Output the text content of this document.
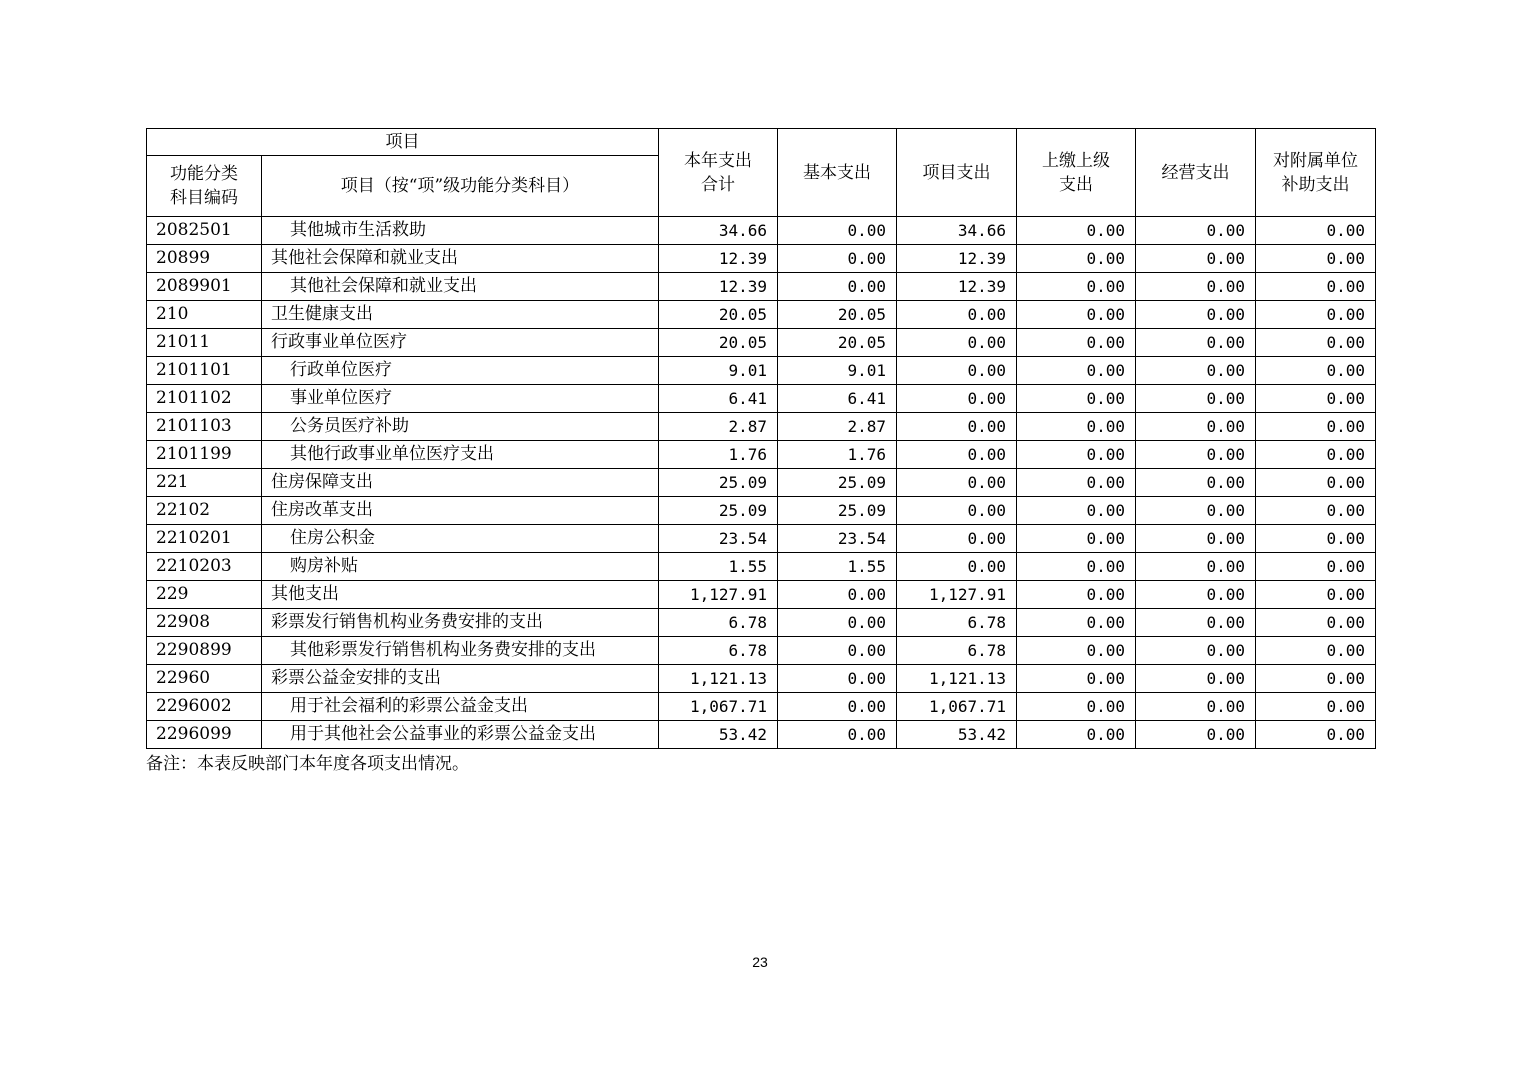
项目		本年支出合计	基本支出	项目支出	上缴上级支出	经营支出	对附属单位补助支出
功能分类科目编码	项目（按“项”级功能分类科目）						
2082501	其他城市生活救助	34.66	0.00	34.66	0.00	0.00	0.00
20899	其他社会保障和就业支出	12.39	0.00	12.39	0.00	0.00	0.00
2089901	其他社会保障和就业支出	12.39	0.00	12.39	0.00	0.00	0.00
210	卫生健康支出	20.05	20.05	0.00	0.00	0.00	0.00
21011	行政事业单位医疗	20.05	20.05	0.00	0.00	0.00	0.00
2101101	行政单位医疗	9.01	9.01	0.00	0.00	0.00	0.00
2101102	事业单位医疗	6.41	6.41	0.00	0.00	0.00	0.00
2101103	公务员医疗补助	2.87	2.87	0.00	0.00	0.00	0.00
2101199	其他行政事业单位医疗支出	1.76	1.76	0.00	0.00	0.00	0.00
221	住房保障支出	25.09	25.09	0.00	0.00	0.00	0.00
22102	住房改革支出	25.09	25.09	0.00	0.00	0.00	0.00
2210201	住房公积金	23.54	23.54	0.00	0.00	0.00	0.00
2210203	购房补贴	1.55	1.55	0.00	0.00	0.00	0.00
229	其他支出	1,127.91	0.00	1,127.91	0.00	0.00	0.00
22908	彩票发行销售机构业务费安排的支出	6.78	0.00	6.78	0.00	0.00	0.00
2290899	其他彩票发行销售机构业务费安排的支出	6.78	0.00	6.78	0.00	0.00	0.00
22960	彩票公益金安排的支出	1,121.13	0.00	1,121.13	0.00	0.00	0.00
2296002	用于社会福利的彩票公益金支出	1,067.71	0.00	1,067.71	0.00	0.00	0.00
2296099	用于其他社会公益事业的彩票公益金支出	53.42	0.00	53.42	0.00	0.00	0.00
备注：本表反映部门本年度各项支出情况。
23
